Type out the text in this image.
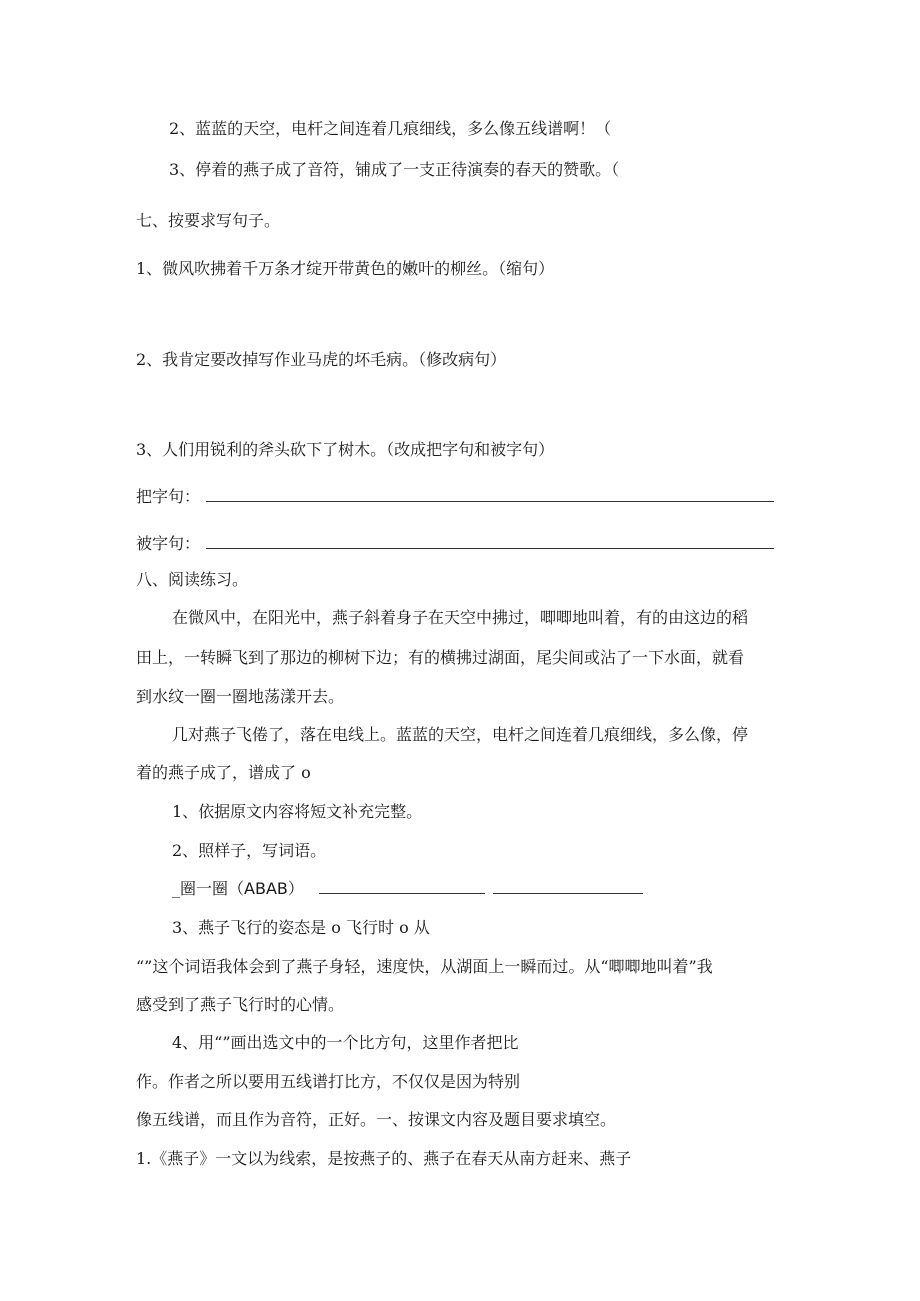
2、蓝蓝的天空，电杆之间连着几痕细线，多么像五线谱啊！（
3、停着的燕子成了音符，铺成了一支正待演奏的春天的赞歌。（
七、按要求写句子。
1、微风吹拂着千万条才绽开带黄色的嫩叶的柳丝。（缩句）
2、我肯定要改掉写作业马虎的坏毛病。（修改病句）
3、人们用锐利的斧头砍下了树木。（改成把字句和被字句）
把字句：
被字句：
八、阅读练习。
在微风中，在阳光中，燕子斜着身子在天空中拂过，唧唧地叫着，有的由这边的稻
田上，一转瞬飞到了那边的柳树下边；有的横拂过湖面，尾尖间或沾了一下水面，就看
到水纹一圈一圈地荡漾开去。
几对燕子飞倦了，落在电线上。蓝蓝的天空，电杆之间连着几痕细线，多么像，停
着的燕子成了，谱成了 o
1、依据原文内容将短文补充完整。
2、照样子，写词语。
_圈一圈（ABAB）
3、燕子飞行的姿态是 o 飞行时 o 从
“”这个词语我体会到了燕子身轻，速度快，从湖面上一瞬而过。从“唧唧地叫着”我
感受到了燕子飞行时的心情。
4、用“”画出选文中的一个比方句，这里作者把比
作。作者之所以要用五线谱打比方，不仅仅是因为特别
像五线谱，而且作为音符，正好。一、按课文内容及题目要求填空。
1.《燕子》一文以为线索，是按燕子的、燕子在春天从南方赶来、燕子
